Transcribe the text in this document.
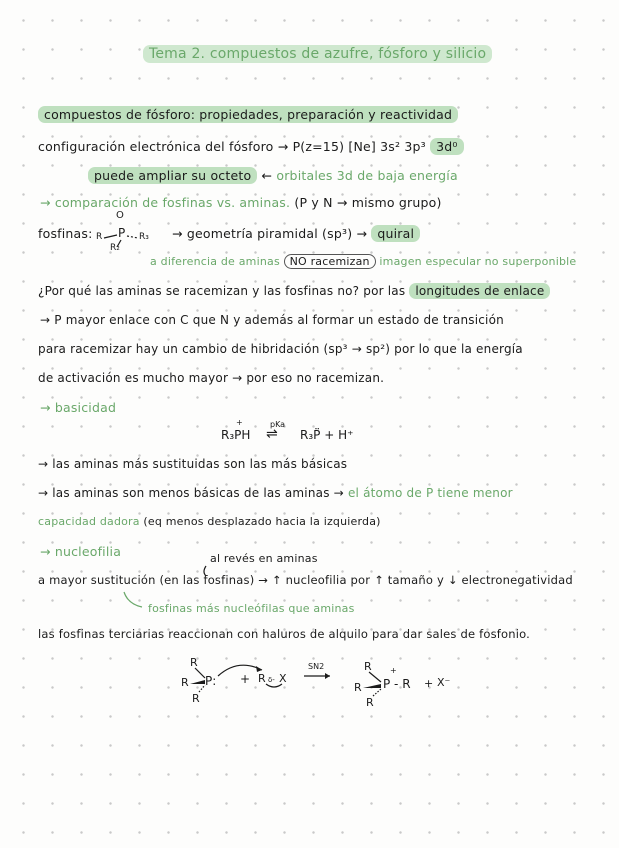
Tema 2. compuestos de azufre, fósforo y silicio
compuestos de fósforo: propiedades, preparación y reactividad
configuración electrónica del fósforo → P(z=15) [Ne] 3s² 3p³ 3d⁰
puede ampliar su octeto ← orbitales 3d de baja energía
→ comparación de fosfinas vs. aminas. (P y N → mismo grupo)
fosfinas:
O
R P
R₂
R₃ → geometría piramidal (sp³) → quiral
a diferencia de aminas NO racemizan imagen especular no superponible
¿Por qué las aminas se racemizan y las fosfinas no? por las longitudes de enlace
→ P mayor enlace con C que N y además al formar un estado de transición
para racemizar hay un cambio de hibridación (sp³ → sp²) por lo que la energía
de activación es mucho mayor → por eso no racemizan.
→ basicidad
+
R₃PH
pKa
⇌ R₃P̈ + H⁺
→ las aminas más sustituidas son las más básicas
→ las aminas son menos básicas de las aminas → el átomo de P tiene menor
capacidad dadora (eq menos desplazado hacia la izquierda)
→ nucleofilia	al revés en aminas
a mayor sustitución (en las fosfinas) → ↑ nucleofilia por ↑ tamaño y ↓ electronegatividad
fosfinas más nucleófilas que aminas
las fosfinas terciarias reaccionan con haluros de alquilo para dar sales de fosfonio.
R
R P:
R
+ R δ- X
SN2	R
R
+
P - R
R
+ X⁻
